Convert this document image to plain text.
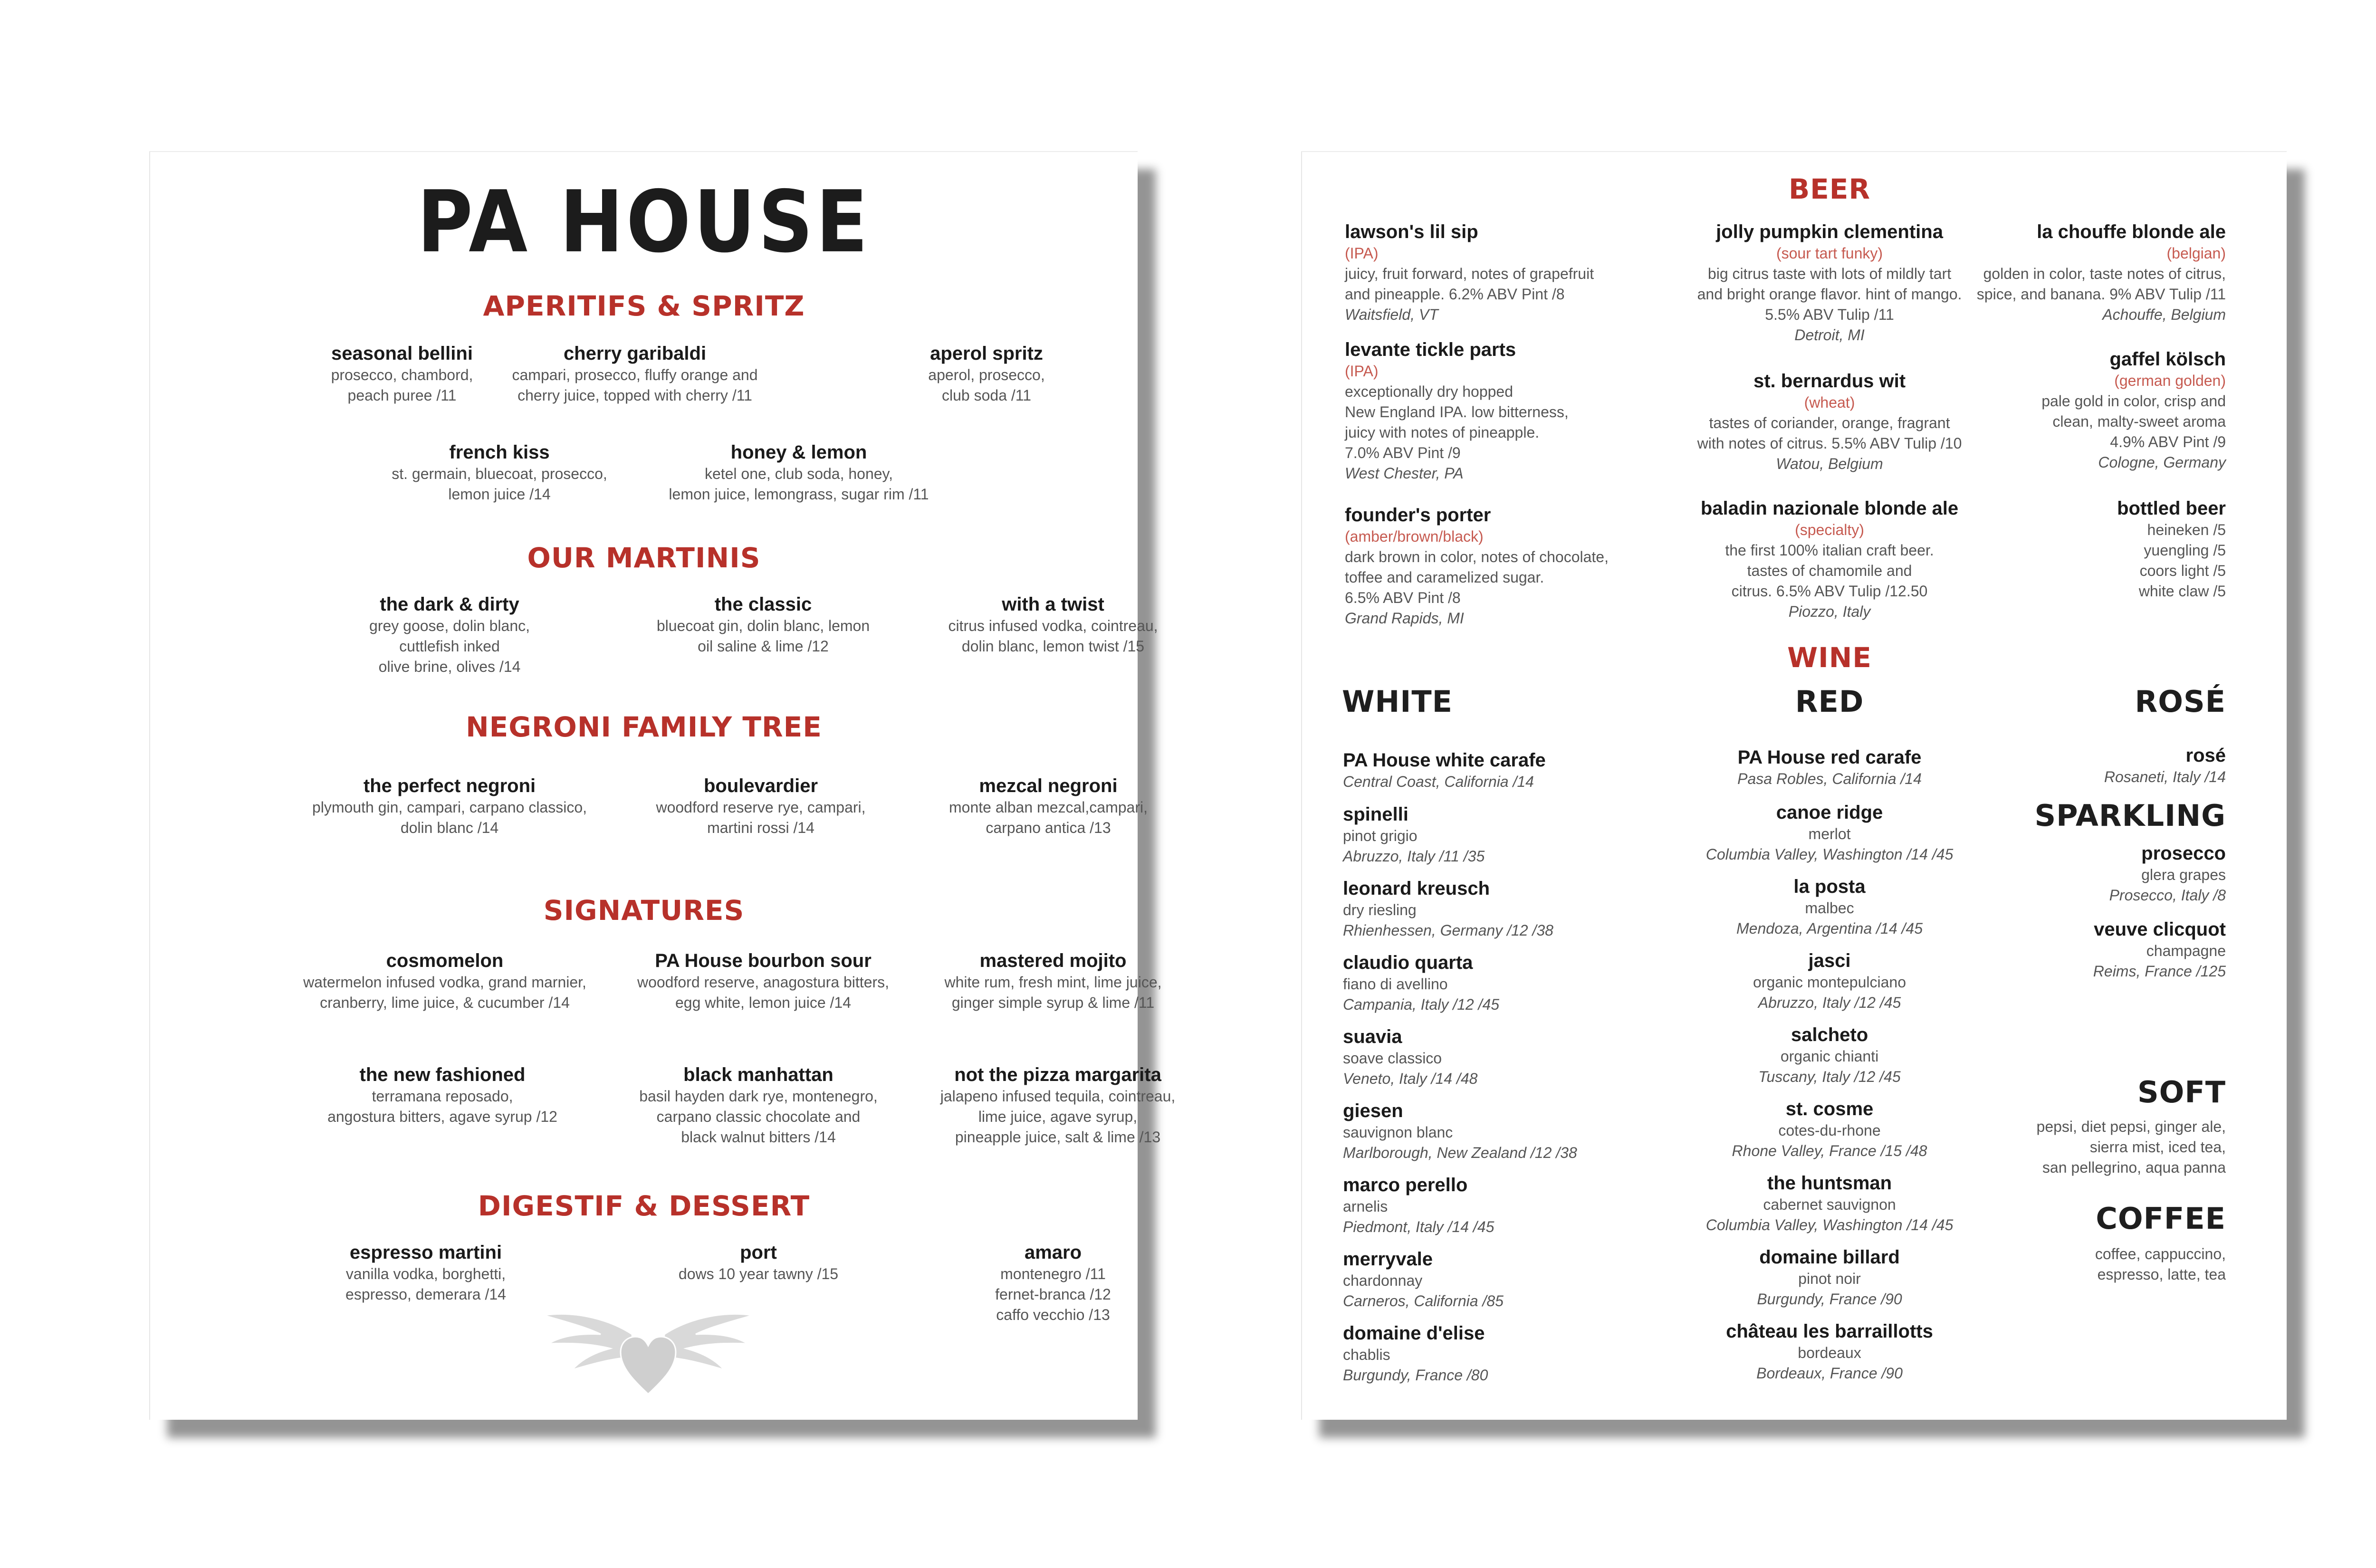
PA HOUSE
APERITIFS & SPRITZ
seasonal bellini
prosecco, chambord,
peach puree /11
cherry garibaldi
campari, prosecco, fluffy orange and
cherry juice, topped with cherry /11
aperol spritz
aperol, prosecco,
club soda /11
french kiss
st. germain, bluecoat, prosecco,
lemon juice /14
honey & lemon
ketel one, club soda, honey,
lemon juice, lemongrass, sugar rim /11
OUR MARTINIS
the dark & dirty
grey goose, dolin blanc,
cuttlefish inked
olive brine, olives /14
the classic
bluecoat gin, dolin blanc, lemon
oil saline & lime /12
with a twist
citrus infused vodka, cointreau,
dolin blanc, lemon twist /15
NEGRONI FAMILY TREE
the perfect negroni
plymouth gin, campari, carpano classico,
dolin blanc /14
boulevardier
woodford reserve rye, campari,
martini rossi /14
mezcal negroni
monte alban mezcal,campari,
carpano antica /13
SIGNATURES
cosmomelon
watermelon infused vodka, grand marnier,
cranberry, lime juice, & cucumber /14
PA House bourbon sour
woodford reserve, anagostura bitters,
egg white, lemon juice /14
mastered mojito
white rum, fresh mint, lime juice,
ginger simple syrup & lime /11
the new fashioned
terramana reposado,
angostura bitters, agave syrup /12
black manhattan
basil hayden dark rye, montenegro,
carpano classic chocolate and
black walnut bitters /14
not the pizza margarita
jalapeno infused tequila, cointreau,
lime juice, agave syrup,
pineapple juice, salt & lime /13
DIGESTIF & DESSERT
espresso martini
vanilla vodka, borghetti,
espresso, demerara /14
port
dows 10 year tawny /15
amaro
montenegro /11
fernet-branca /12
caffo vecchio /13
BEER
lawson's lil sip
(IPA)
juicy, fruit forward, notes of grapefruit
and pineapple. 6.2% ABV Pint /8
Waitsfield, VT
levante tickle parts
(IPA)
exceptionally dry hopped
New England IPA. low bitterness,
juicy with notes of pineapple.
7.0% ABV Pint /9
West Chester, PA
founder's porter
(amber/brown/black)
dark brown in color, notes of chocolate,
toffee and caramelized sugar.
6.5% ABV Pint /8
Grand Rapids, MI
jolly pumpkin clementina
(sour tart funky)
big citrus taste with lots of mildly tart
and bright orange flavor. hint of mango.
5.5% ABV Tulip /11
Detroit, MI
st. bernardus wit
(wheat)
tastes of coriander, orange, fragrant
with notes of citrus. 5.5% ABV Tulip /10
Watou, Belgium
baladin nazionale blonde ale
(specialty)
the first 100% italian craft beer.
tastes of chamomile and
citrus. 6.5% ABV Tulip /12.50
Piozzo, Italy
la chouffe blonde ale
(belgian)
golden in color, taste notes of citrus,
spice, and banana. 9% ABV Tulip /11
Achouffe, Belgium
gaffel kölsch
(german golden)
pale gold in color, crisp and
clean, malty-sweet aroma
4.9% ABV Pint /9
Cologne, Germany
bottled beer
heineken /5
yuengling /5
coors light /5
white claw /5
WINE
WHITE	RED	ROSÉ
PA House white carafe
Central Coast, California /14
spinelli
pinot grigio
Abruzzo, Italy /11 /35
leonard kreusch
dry riesling
Rhienhessen, Germany /12 /38
claudio quarta
fiano di avellino
Campania, Italy /12 /45
suavia
soave classico
Veneto, Italy /14 /48
giesen
sauvignon blanc
Marlborough, New Zealand /12 /38
marco perello
arnelis
Piedmont, Italy /14 /45
merryvale
chardonnay
Carneros, California /85
domaine d'elise
chablis
Burgundy, France /80
PA House red carafe
Pasa Robles, California /14
canoe ridge
merlot
Columbia Valley, Washington /14 /45
la posta
malbec
Mendoza, Argentina /14 /45
jasci
organic montepulciano
Abruzzo, Italy /12 /45
salcheto
organic chianti
Tuscany, Italy /12 /45
st. cosme
cotes-du-rhone
Rhone Valley, France /15 /48
the huntsman
cabernet sauvignon
Columbia Valley, Washington /14 /45
domaine billard
pinot noir
Burgundy, France /90
château les barraillotts
bordeaux
Bordeaux, France /90
rosé
Rosaneti, Italy /14
SPARKLING
prosecco
glera grapes
Prosecco, Italy /8
veuve clicquot
champagne
Reims, France /125
SOFT
pepsi, diet pepsi, ginger ale,
sierra mist, iced tea,
san pellegrino, aqua panna
COFFEE
coffee, cappuccino,
espresso, latte, tea
